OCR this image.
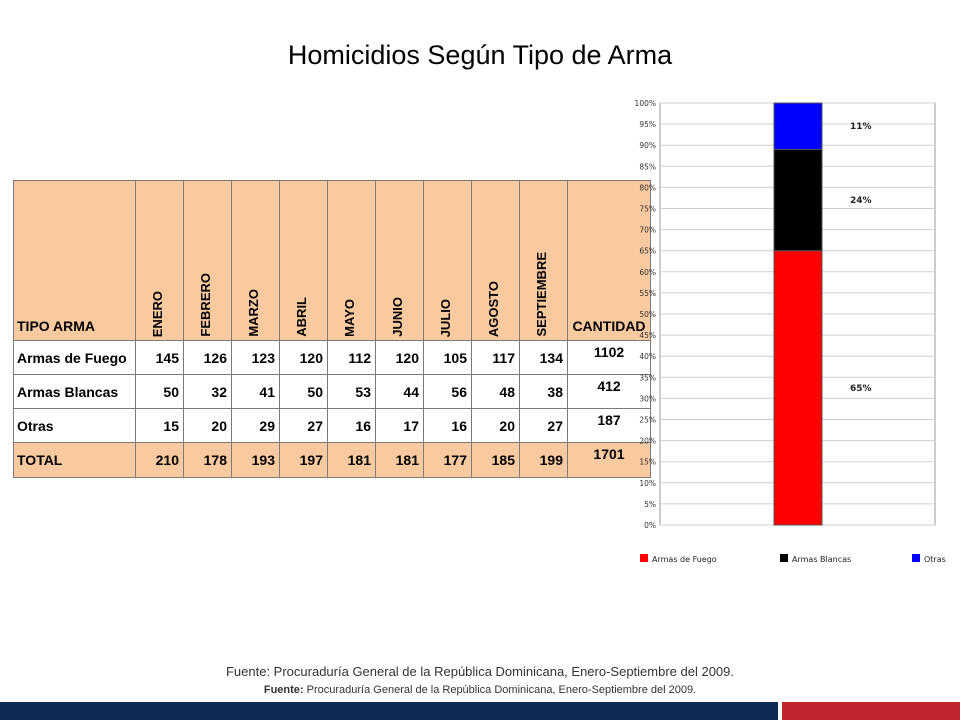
Homicidios Según Tipo de Arma
TIPO ARMA	ENERO	FEBRERO	MARZO	ABRIL	MAYO	JUNIO	JULIO	AGOSTO	SEPTIEMBRE	CANTIDAD
Armas de Fuego	145	126	123	120	112	120	105	117	134	1102
Armas Blancas	50	32	41	50	53	44	56	48	38	412
Otras	15	20	29	27	16	17	16	20	27	187
TOTAL	210	178	193	197	181	181	177	185	199	1701
0%
5%
10%
15%
20%
25%
30%
35%
40%
45%
50%
55%
60%
65%
70%
75%
80%
85%
90%
95%
100%
65%
24%
11%
Armas de Fuego	Armas Blancas	Otras
Fuente: Procuraduría General de la República Dominicana, Enero-Septiembre del 2009.
Fuente: Procuraduría General de la República Dominicana, Enero-Septiembre del 2009.
